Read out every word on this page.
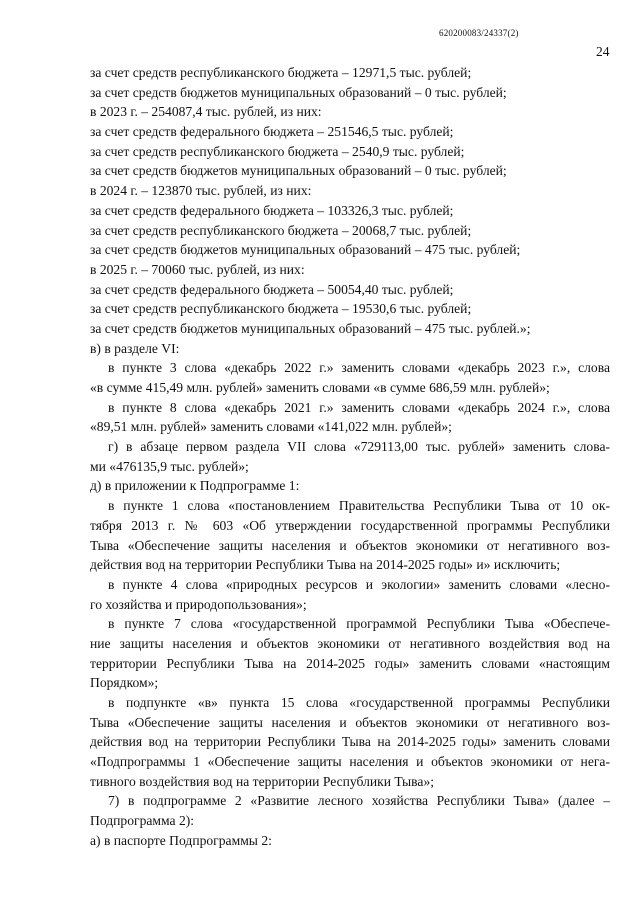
620200083/24337(2)
24
за счет средств республиканского бюджета – 12971,5 тыс. рублей;
за счет средств бюджетов муниципальных образований – 0 тыс. рублей;
в 2023 г. – 254087,4 тыс. рублей, из них:
за счет средств федерального бюджета – 251546,5 тыс. рублей;
за счет средств республиканского бюджета – 2540,9 тыс. рублей;
за счет средств бюджетов муниципальных образований – 0 тыс. рублей;
в 2024 г. – 123870 тыс. рублей, из них:
за счет средств федерального бюджета – 103326,3 тыс. рублей;
за счет средств республиканского бюджета – 20068,7 тыс. рублей;
за счет средств бюджетов муниципальных образований – 475 тыс. рублей;
в 2025 г. – 70060 тыс. рублей, из них:
за счет средств федерального бюджета – 50054,40 тыс. рублей;
за счет средств республиканского бюджета – 19530,6 тыс. рублей;
за счет средств бюджетов муниципальных образований – 475 тыс. рублей.»;
в) в разделе VI:
в пункте 3 слова «декабрь 2022 г.» заменить словами «декабрь 2023 г.», слова
«в сумме 415,49 млн. рублей» заменить словами «в сумме 686,59 млн. рублей»;
в пункте 8 слова «декабрь 2021 г.» заменить словами «декабрь 2024 г.», слова
«89,51 млн. рублей» заменить словами «141,022 млн. рублей»;
г) в абзаце первом раздела VII слова «729113,00 тыс. рублей» заменить слова-
ми «476135,9 тыс. рублей»;
д) в приложении к Подпрограмме 1:
в пункте 1 слова «постановлением Правительства Республики Тыва от 10 ок-
тября 2013 г. № 603 «Об утверждении государственной программы Республики
Тыва «Обеспечение защиты населения и объектов экономики от негативного воз-
действия вод на территории Республики Тыва на 2014-2025 годы» и» исключить;
в пункте 4 слова «природных ресурсов и экологии» заменить словами «лесно-
го хозяйства и природопользования»;
в пункте 7 слова «государственной программой Республики Тыва «Обеспече-
ние защиты населения и объектов экономики от негативного воздействия вод на
территории Республики Тыва на 2014-2025 годы» заменить словами «настоящим
Порядком»;
в подпункте «в» пункта 15 слова «государственной программы Республики
Тыва «Обеспечение защиты населения и объектов экономики от негативного воз-
действия вод на территории Республики Тыва на 2014-2025 годы» заменить словами
«Подпрограммы 1 «Обеспечение защиты населения и объектов экономики от нега-
тивного воздействия вод на территории Республики Тыва»;
7) в подпрограмме 2 «Развитие лесного хозяйства Республики Тыва» (далее –
Подпрограмма 2):
а) в паспорте Подпрограммы 2:
